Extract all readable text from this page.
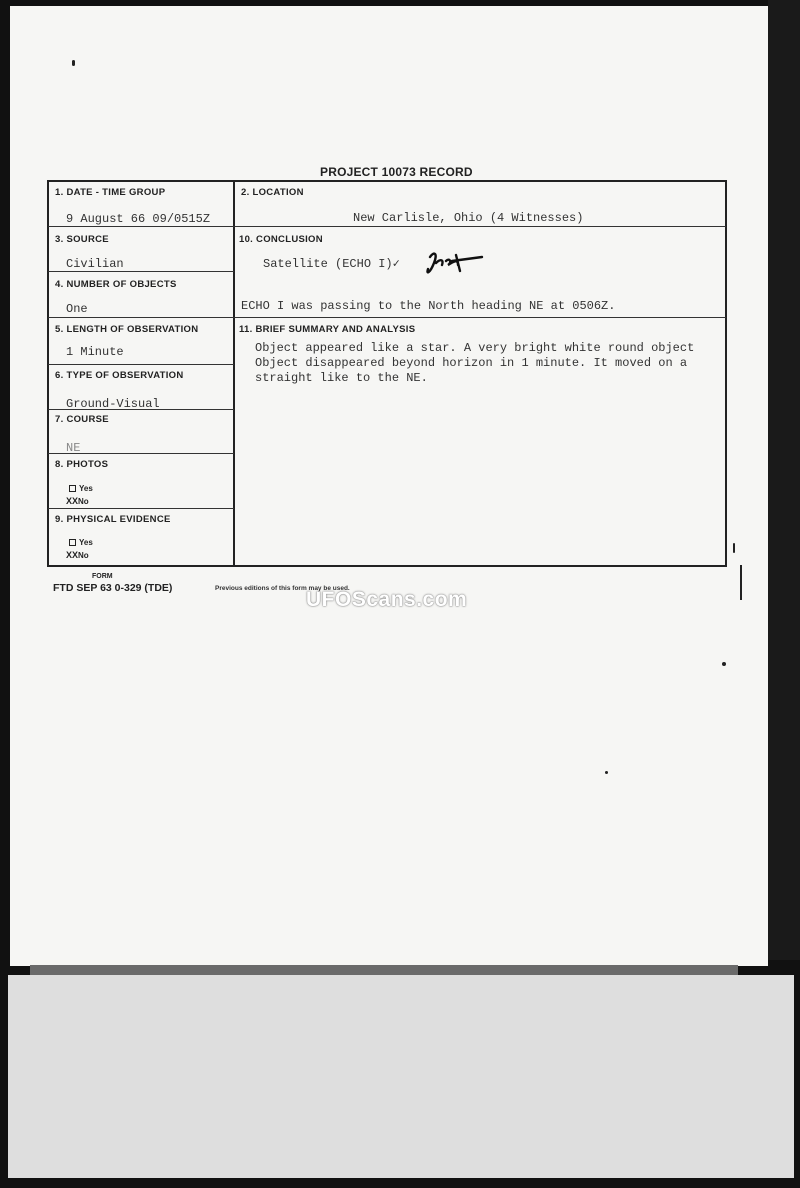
PROJECT 10073 RECORD
1. DATE - TIME GROUP
9 August 66 09/0515Z
3. SOURCE
Civilian
4. NUMBER OF OBJECTS
One
5. LENGTH OF OBSERVATION
1 Minute
6. TYPE OF OBSERVATION
Ground-Visual
7. COURSE
NE
8. PHOTOS
Yes
XXNo
9. PHYSICAL EVIDENCE
Yes
XXNo
2. LOCATION
New Carlisle, Ohio (4 Witnesses)
10. CONCLUSION
Satellite (ECHO I)✓
ECHO I was passing to the North heading NE at 0506Z.
11. BRIEF SUMMARY AND ANALYSIS
Object appeared like a star. A very bright white round object
Object disappeared beyond horizon in 1 minute. It moved on a
straight like to the NE.
FORM
FTD SEP 63 0-329 (TDE)	Previous editions of this form may be used.
UFOScans.com
